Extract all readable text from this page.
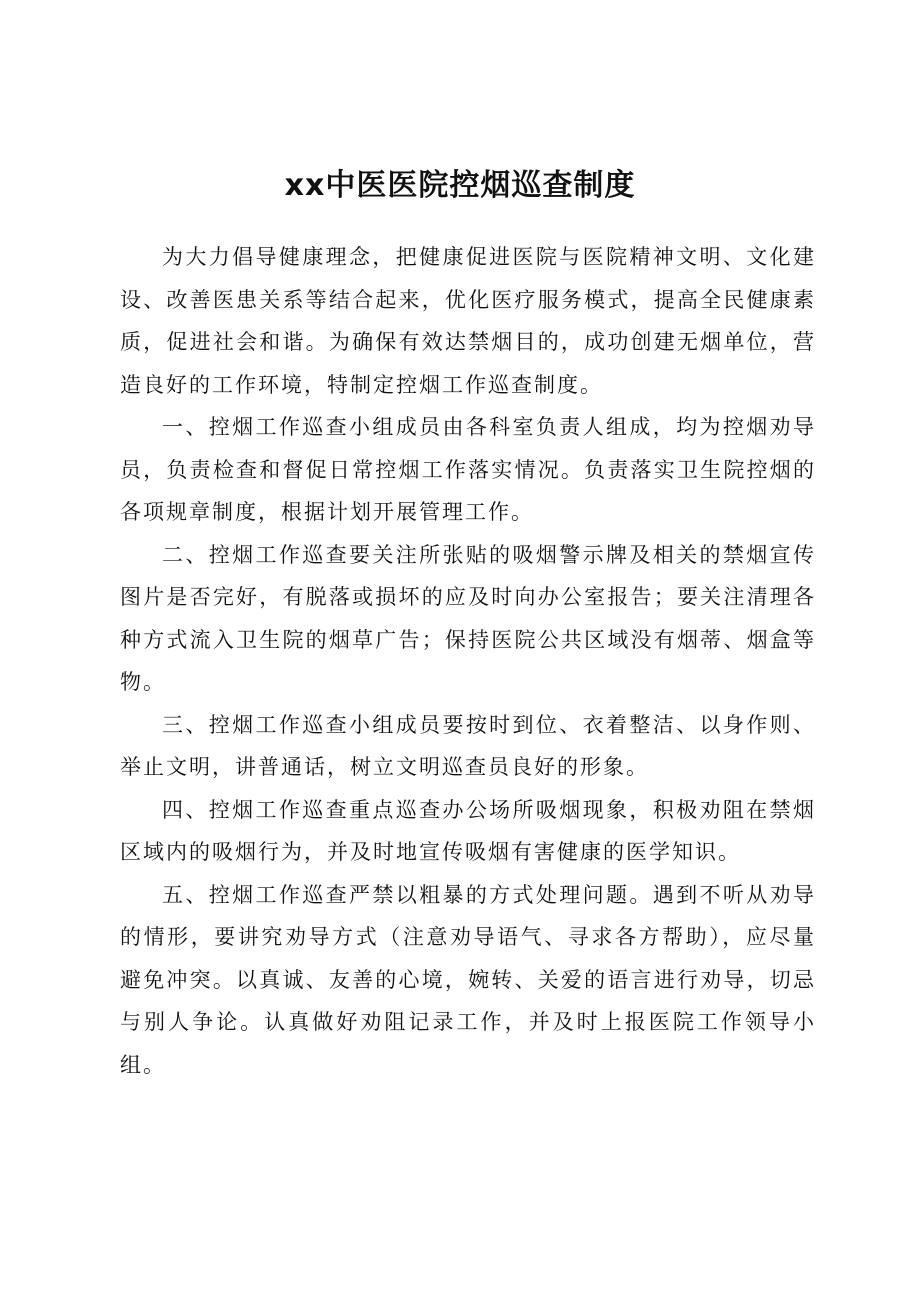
xx中医医院控烟巡查制度

为大力倡导健康理念，把健康促进医院与医院精神文明、文化建设、改善医患关系等结合起来，优化医疗服务模式，提高全民健康素质，促进社会和谐。为确保有效达禁烟目的，成功创建无烟单位，营造良好的工作环境，特制定控烟工作巡查制度。

一、控烟工作巡查小组成员由各科室负责人组成，均为控烟劝导员，负责检查和督促日常控烟工作落实情况。负责落实卫生院控烟的各项规章制度，根据计划开展管理工作。

二、控烟工作巡查要关注所张贴的吸烟警示牌及相关的禁烟宣传图片是否完好，有脱落或损坏的应及时向办公室报告；要关注清理各种方式流入卫生院的烟草广告；保持医院公共区域没有烟蒂、烟盒等物。

三、控烟工作巡查小组成员要按时到位、衣着整洁、以身作则、举止文明，讲普通话，树立文明巡查员良好的形象。

四、控烟工作巡查重点巡查办公场所吸烟现象，积极劝阻在禁烟区域内的吸烟行为，并及时地宣传吸烟有害健康的医学知识。

五、控烟工作巡查严禁以粗暴的方式处理问题。遇到不听从劝导的情形，要讲究劝导方式（注意劝导语气、寻求各方帮助），应尽量避免冲突。以真诚、友善的心境，婉转、关爱的语言进行劝导，切忌与别人争论。认真做好劝阻记录工作，并及时上报医院工作领导小组。
